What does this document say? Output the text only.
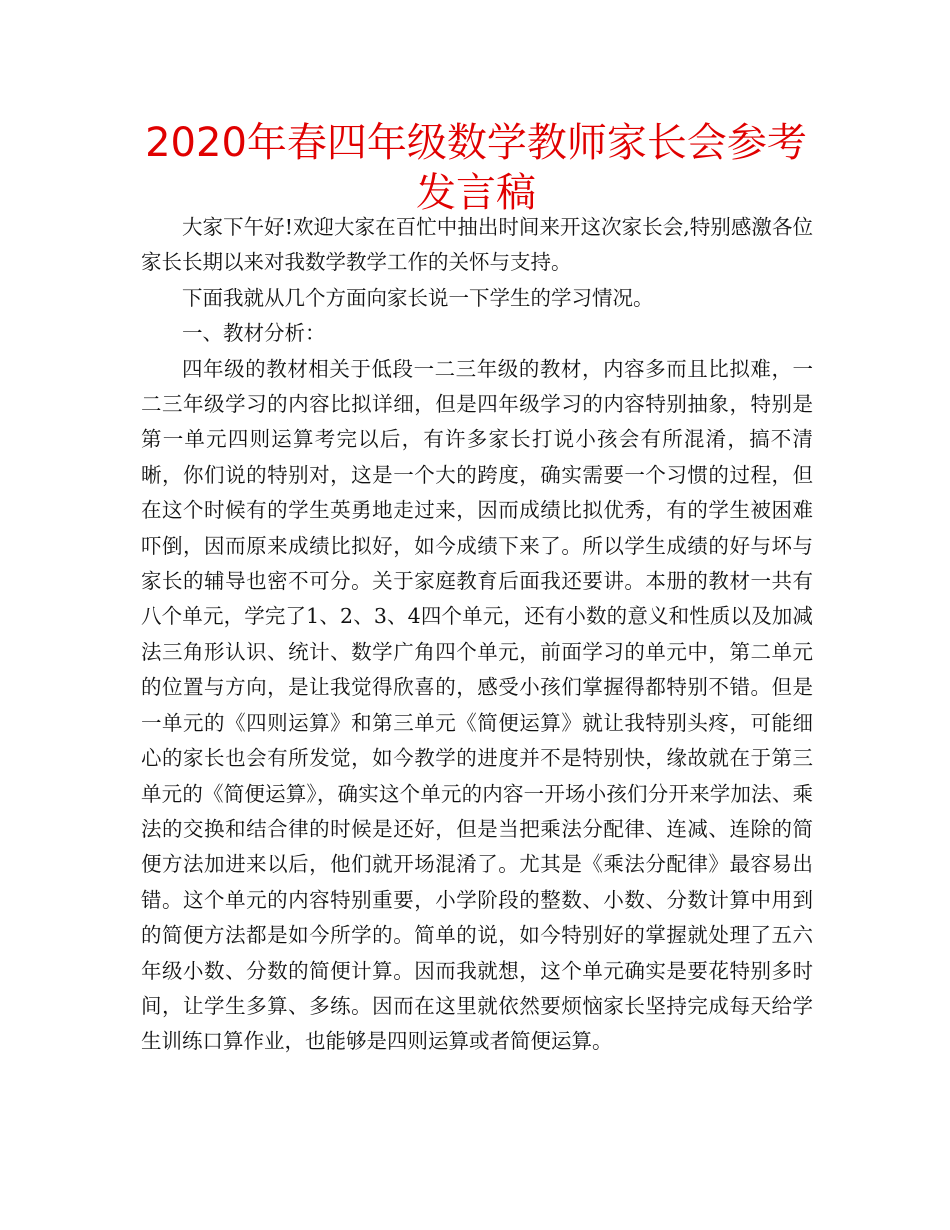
2020年春四年级数学教师家长会参考发言稿

大家下午好!欢迎大家在百忙中抽出时间来开这次家长会,特别感激各位家长长期以来对我数学教学工作的关怀与支持。

下面我就从几个方面向家长说一下学生的学习情况。

一、教材分析：

四年级的教材相关于低段一二三年级的教材，内容多而且比拟难，一二三年级学习的内容比拟详细，但是四年级学习的内容特别抽象，特别是第一单元四则运算考完以后，有许多家长打说小孩会有所混淆，搞不清晰，你们说的特别对，这是一个大的跨度，确实需要一个习惯的过程，但在这个时候有的学生英勇地走过来，因而成绩比拟优秀，有的学生被困难吓倒，因而原来成绩比拟好，如今成绩下来了。所以学生成绩的好与坏与家长的辅导也密不可分。关于家庭教育后面我还要讲。本册的教材一共有八个单元，学完了1、2、3、4四个单元，还有小数的意义和性质以及加减法三角形认识、统计、数学广角四个单元，前面学习的单元中，第二单元的位置与方向，是让我觉得欣喜的，感受小孩们掌握得都特别不错。但是一单元的《四则运算》和第三单元《简便运算》就让我特别头疼，可能细心的家长也会有所发觉，如今教学的进度并不是特别快，缘故就在于第三单元的《简便运算》，确实这个单元的内容一开场小孩们分开来学加法、乘法的交换和结合律的时候是还好，但是当把乘法分配律、连减、连除的简便方法加进来以后，他们就开场混淆了。尤其是《乘法分配律》最容易出错。这个单元的内容特别重要，小学阶段的整数、小数、分数计算中用到的简便方法都是如今所学的。简单的说，如今特别好的掌握就处理了五六年级小数、分数的简便计算。因而我就想，这个单元确实是要花特别多时间，让学生多算、多练。因而在这里就依然要烦恼家长坚持完成每天给学生训练口算作业，也能够是四则运算或者简便运算。
